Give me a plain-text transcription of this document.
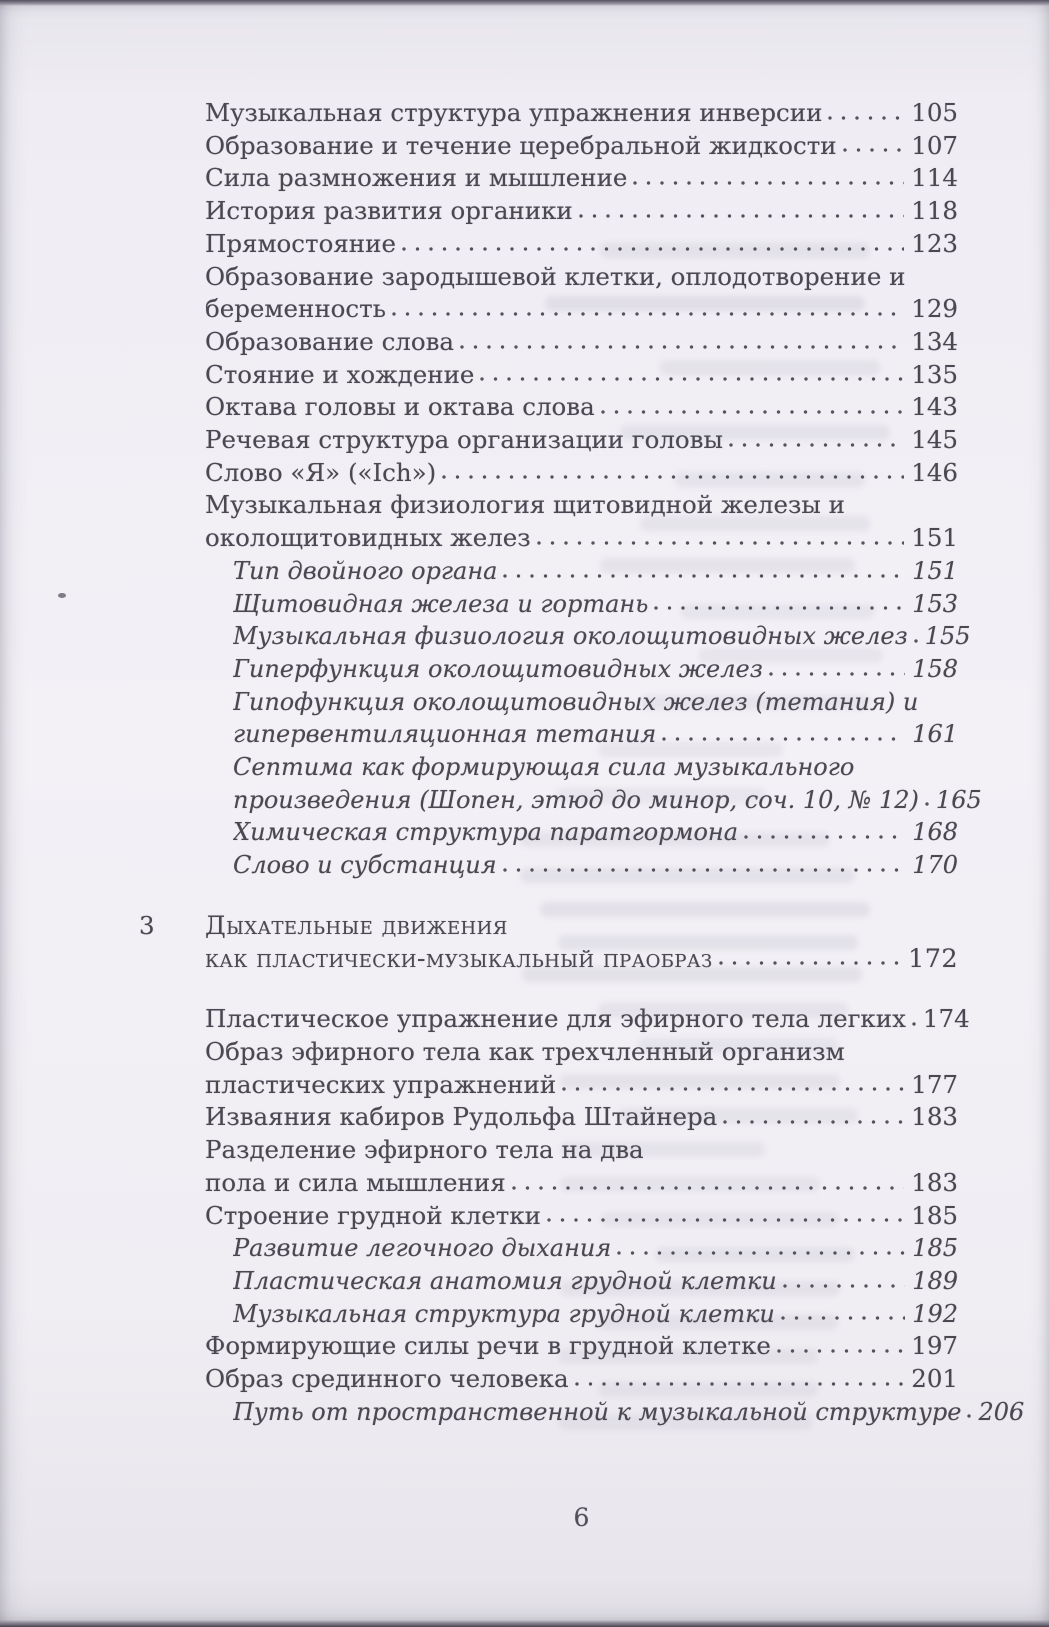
Музыкальная структура упражнения инверсии	105
Образование и течение церебральной жидкости	107
Сила размножения и мышление	114
История развития органики	118
Прямостояние	123
Образование зародышевой клетки, оплодотворение и
беременность	129
Образование слова	134
Стояние и хождение	135
Октава головы и октава слова	143
Речевая структура организации головы	145
Слово «Я» («Ich»)	146
Музыкальная физиология щитовидной железы и
околощитовидных желез	151
Тип двойного органа	151
Щитовидная железа и гортань	153
Музыкальная физиология околощитовидных желез 155
Гиперфункция околощитовидных желез	158
Гипофункция околощитовидных желез (тетания) и
гипервентиляционная тетания	161
Септима как формирующая сила музыкального
произведения (Шопен, этюд до минор, соч. 10, № 12) 165
Химическая структура паратгормона	168
Слово и субстанция	170
3 Дыхательные движения
как пластически-музыкальный праобраз	172
Пластическое упражнение для эфирного тела легких 174
Образ эфирного тела как трехчленный организм
пластических упражнений	177
Изваяния кабиров Рудольфа Штайнера	183
Разделение эфирного тела на два
пола и сила мышления	183
Строение грудной клетки	185
Развитие легочного дыхания	185
Пластическая анатомия грудной клетки	189
Музыкальная структура грудной клетки	192
Формирующие силы речи в грудной клетке	197
Образ срединного человека	201
Путь от пространственной к музыкальной структуре 206
6
